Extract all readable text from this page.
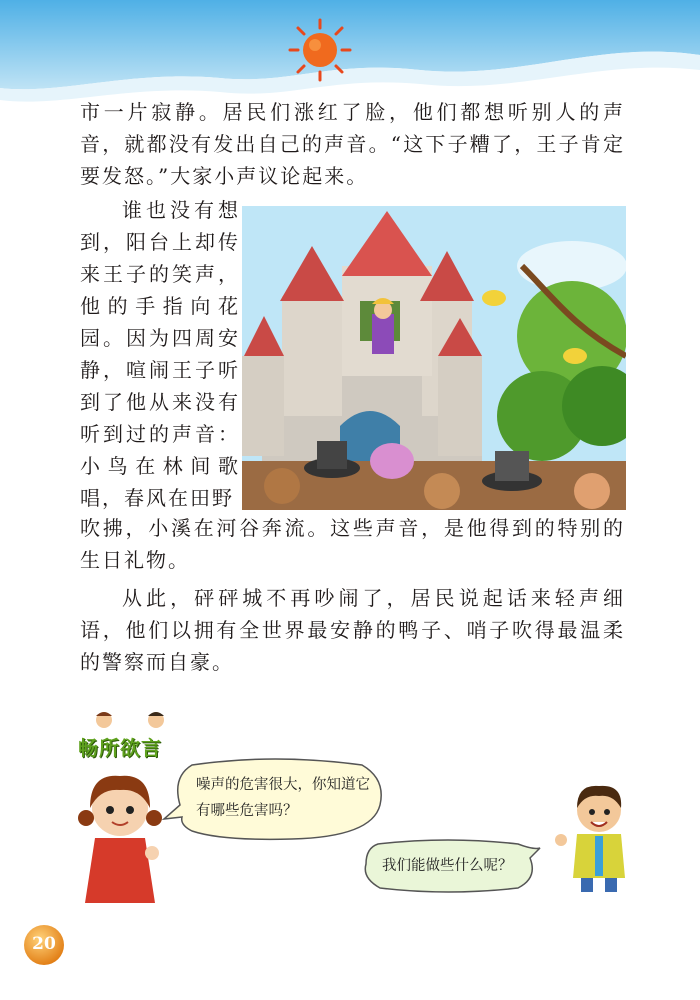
市一片寂静。居民们涨红了脸，他们都想听别人的声音，就都没有发出自己的声音。“这下子糟了，王子肯定要发怒。”大家小声议论起来。

谁也没有想到，阳台上却传来王子的笑声，他的手指向花园。因为四周安静，喧闹王子听到了他从来没有听到过的声音：小鸟在林间歌唱，春风在田野

吹拂，小溪在河谷奔流。这些声音，是他得到的特别的生日礼物。

从此，砰砰城不再吵闹了，居民说起话来轻声细语，他们以拥有全世界最安静的鸭子、哨子吹得最温柔的警察而自豪。

畅所欲言
噪声的危害很大，你知道它有哪些危害吗？
我们能做些什么呢？
20
